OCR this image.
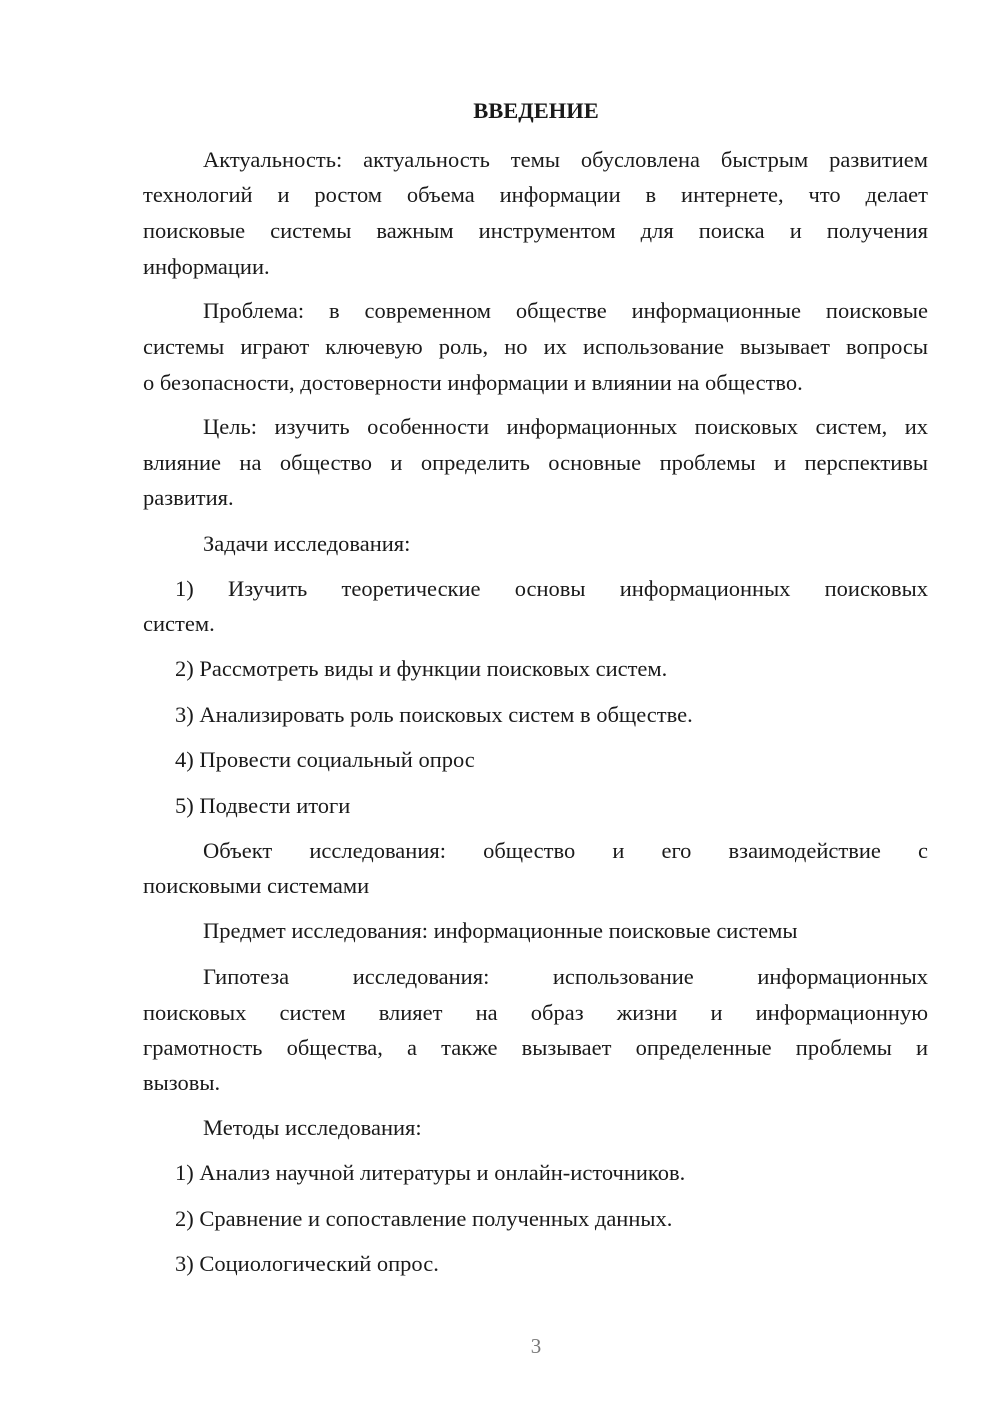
ВВЕДЕНИЕ

Актуальность: актуальность темы обусловлена быстрым развитием

технологий и ростом объема информации в интернете, что делает

поисковые системы важным инструментом для поиска и получения

информации.

Проблема: в современном обществе информационные поисковые

системы играют ключевую роль, но их использование вызывает вопросы

о безопасности, достоверности информации и влиянии на общество.

Цель: изучить особенности информационных поисковых систем, их

влияние на общество и определить основные проблемы и перспективы

развития.

Задачи исследования:

1) Изучить теоретические основы информационных поисковых

систем.

2) Рассмотреть виды и функции поисковых систем.

3) Анализировать роль поисковых систем в обществе.

4) Провести социальный опрос

5) Подвести итоги

Объект исследования: общество и его взаимодействие с

поисковыми системами

Предмет исследования: информационные поисковые системы

Гипотеза исследования: использование информационных

поисковых систем влияет на образ жизни и информационную

грамотность общества, а также вызывает определенные проблемы и

вызовы.

Методы исследования:

1) Анализ научной литературы и онлайн-источников.

2) Сравнение и сопоставление полученных данных.

3) Социологический опрос.

3
